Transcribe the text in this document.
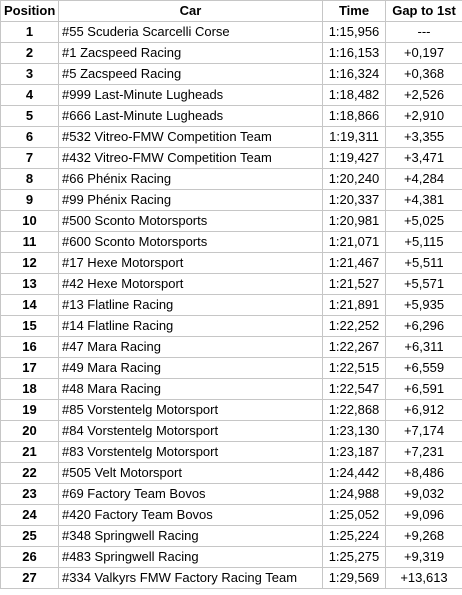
Position	Car	Time	Gap to 1st
1	#55 Scuderia Scarcelli Corse	1:15,956	---
2	#1 Zacspeed Racing	1:16,153	+0,197
3	#5 Zacspeed Racing	1:16,324	+0,368
4	#999 Last-Minute Lugheads	1:18,482	+2,526
5	#666 Last-Minute Lugheads	1:18,866	+2,910
6	#532 Vitreo-FMW Competition Team	1:19,311	+3,355
7	#432 Vitreo-FMW Competition Team	1:19,427	+3,471
8	#66 Phénix Racing	1:20,240	+4,284
9	#99 Phénix Racing	1:20,337	+4,381
10	#500 Sconto Motorsports	1:20,981	+5,025
11	#600 Sconto Motorsports	1:21,071	+5,115
12	#17 Hexe Motorsport	1:21,467	+5,511
13	#42 Hexe Motorsport	1:21,527	+5,571
14	#13 Flatline Racing	1:21,891	+5,935
15	#14 Flatline Racing	1:22,252	+6,296
16	#47 Mara Racing	1:22,267	+6,311
17	#49 Mara Racing	1:22,515	+6,559
18	#48 Mara Racing	1:22,547	+6,591
19	#85 Vorstentelg Motorsport	1:22,868	+6,912
20	#84 Vorstentelg Motorsport	1:23,130	+7,174
21	#83 Vorstentelg Motorsport	1:23,187	+7,231
22	#505 Velt Motorsport	1:24,442	+8,486
23	#69 Factory Team Bovos	1:24,988	+9,032
24	#420 Factory Team Bovos	1:25,052	+9,096
25	#348 Springwell Racing	1:25,224	+9,268
26	#483 Springwell Racing	1:25,275	+9,319
27	#334 Valkyrs FMW Factory Racing Team	1:29,569	+13,613
